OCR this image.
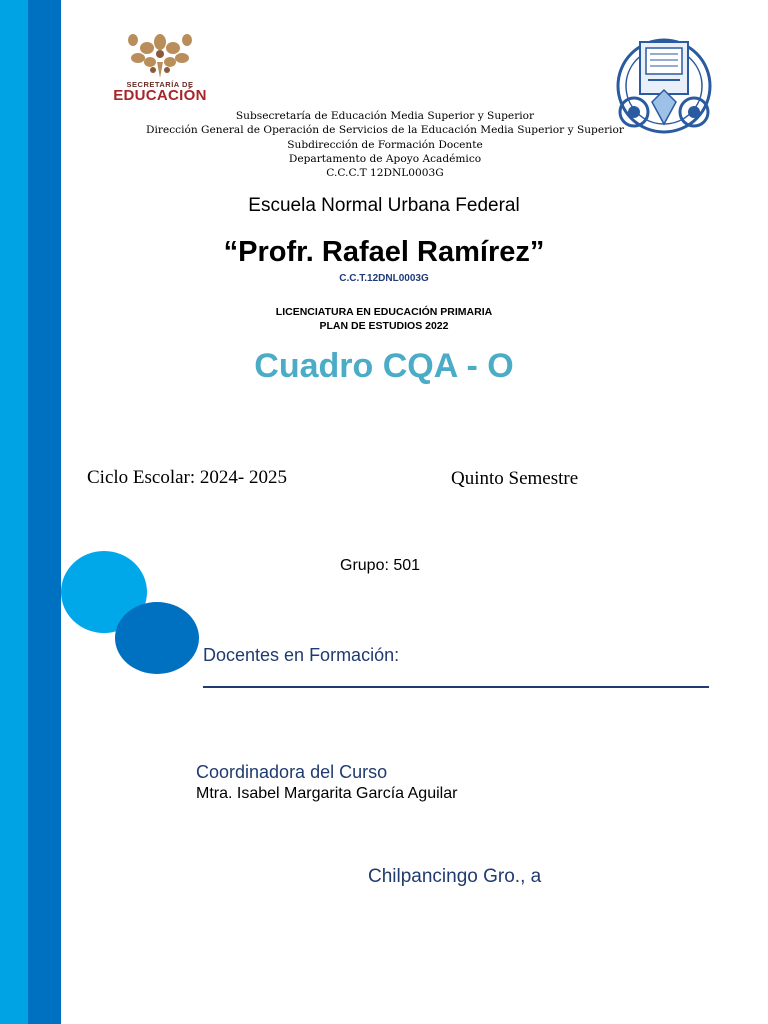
SECRETARÍA DE
EDUCACIÓN
Subsecretaría de Educación Media Superior y Superior
Dirección General de Operación de Servicios de la Educación Media Superior y Superior
Subdirección de Formación Docente
Departamento de Apoyo Académico
C.C.C.T 12DNL0003G
Escuela Normal Urbana Federal
“Profr. Rafael Ramírez”
C.C.T.12DNL0003G
LICENCIATURA EN EDUCACIÓN PRIMARIA
PLAN DE ESTUDIOS 2022
Cuadro CQA - O
Ciclo Escolar: 2024- 2025	Quinto Semestre
Grupo: 501
Docentes en Formación:
Coordinadora del Curso
Mtra. Isabel Margarita García Aguilar
Chilpancingo Gro., a
